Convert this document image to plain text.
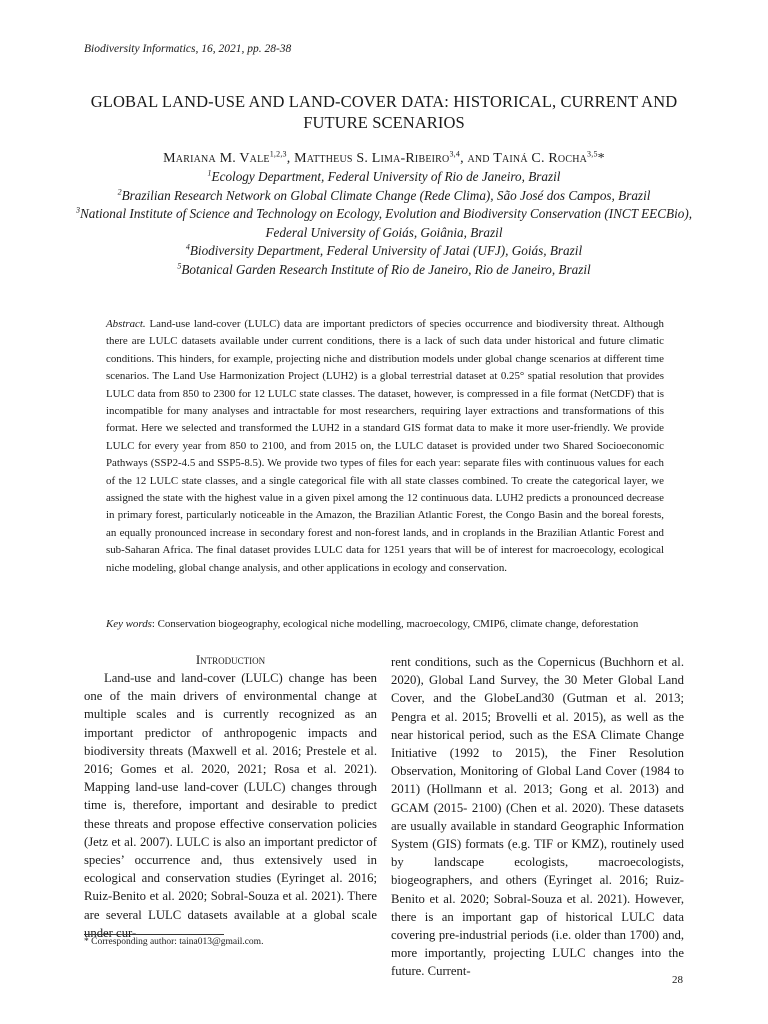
Biodiversity Informatics, 16, 2021, pp. 28-38
GLOBAL LAND-USE AND LAND-COVER DATA: HISTORICAL, CURRENT AND FUTURE SCENARIOS
Mariana M. Vale$^{1,2,3}$, Mattheus S. Lima-Ribeiro$^{3,4}$, and Tainá C. Rocha$^{3,5}$*
$^1$Ecology Department, Federal University of Rio de Janeiro, Brazil
$^2$Brazilian Research Network on Global Climate Change (Rede Clima), São José dos Campos, Brazil
$^3$National Institute of Science and Technology on Ecology, Evolution and Biodiversity Conservation (INCT EECBio), Federal University of Goiás, Goiânia, Brazil
$^4$Biodiversity Department, Federal University of Jatai (UFJ), Goiás, Brazil
$^5$Botanical Garden Research Institute of Rio de Janeiro, Rio de Janeiro, Brazil
Abstract. Land-use land-cover (LULC) data are important predictors of species occurrence and biodiversity threat. Although there are LULC datasets available under current conditions, there is a lack of such data under historical and future climatic conditions. This hinders, for example, projecting niche and distribution models under global change scenarios at different time scenarios. The Land Use Harmonization Project (LUH2) is a global terrestrial dataset at 0.25° spatial resolution that provides LULC data from 850 to 2300 for 12 LULC state classes. The dataset, however, is compressed in a file format (NetCDF) that is incompatible for many analyses and intractable for most researchers, requiring layer extractions and transformations of this format. Here we selected and transformed the LUH2 in a standard GIS format data to make it more user-friendly. We provide LULC for every year from 850 to 2100, and from 2015 on, the LULC dataset is provided under two Shared Socioeconomic Pathways (SSP2-4.5 and SSP5-8.5). We provide two types of files for each year: separate files with continuous values for each of the 12 LULC state classes, and a single categorical file with all state classes combined. To create the categorical layer, we assigned the state with the highest value in a given pixel among the 12 continuous data. LUH2 predicts a pronounced decrease in primary forest, particularly noticeable in the Amazon, the Brazilian Atlantic Forest, the Congo Basin and the boreal forests, an equally pronounced increase in secondary forest and non-forest lands, and in croplands in the Brazilian Atlantic Forest and sub-Saharan Africa. The final dataset provides LULC data for 1251 years that will be of interest for macroecology, ecological niche modeling, global change analysis, and other applications in ecology and conservation.
Key words: Conservation biogeography, ecological niche modelling, macroecology, CMIP6, climate change, deforestation
Introduction

Land-use and land-cover (LULC) change has been one of the main drivers of environmental change at multiple scales and is currently recognized as an important predictor of anthropogenic impacts and biodiversity threats (Maxwell et al. 2016; Prestele et al. 2016; Gomes et al. 2020, 2021; Rosa et al. 2021). Mapping land-use land-cover (LULC) changes through time is, therefore, important and desirable to predict these threats and propose effective conservation policies (Jetz et al. 2007). LULC is also an important predictor of species’ occurrence and, thus extensively used in ecological and conservation studies (Eyringet al. 2016; Ruiz-Benito et al. 2020; Sobral-Souza et al. 2021). There are several LULC datasets available at a global scale under cur-

rent conditions, such as the Copernicus (Buchhorn et al. 2020), Global Land Survey, the 30 Meter Global Land Cover, and the GlobeLand30 (Gutman et al. 2013; Pengra et al. 2015; Brovelli et al. 2015), as well as the near historical period, such as the ESA Climate Change Initiative (1992 to 2015), the Finer Resolution Observation, Monitoring of Global Land Cover (1984 to 2011) (Hollmann et al. 2013; Gong et al. 2013) and GCAM (2015- 2100) (Chen et al. 2020). These datasets are usually available in standard Geographic Information System (GIS) formats (e.g. TIF or KMZ), routinely used by landscape ecologists, macroecologists, biogeographers, and others (Eyringet al. 2016; Ruiz-Benito et al. 2020; Sobral-Souza et al. 2021). However, there is an important gap of historical LULC data covering pre-industrial periods (i.e. older than 1700) and, more importantly, projecting LULC changes into the future. Current-

* Corresponding author: taina013@gmail.com.
28
